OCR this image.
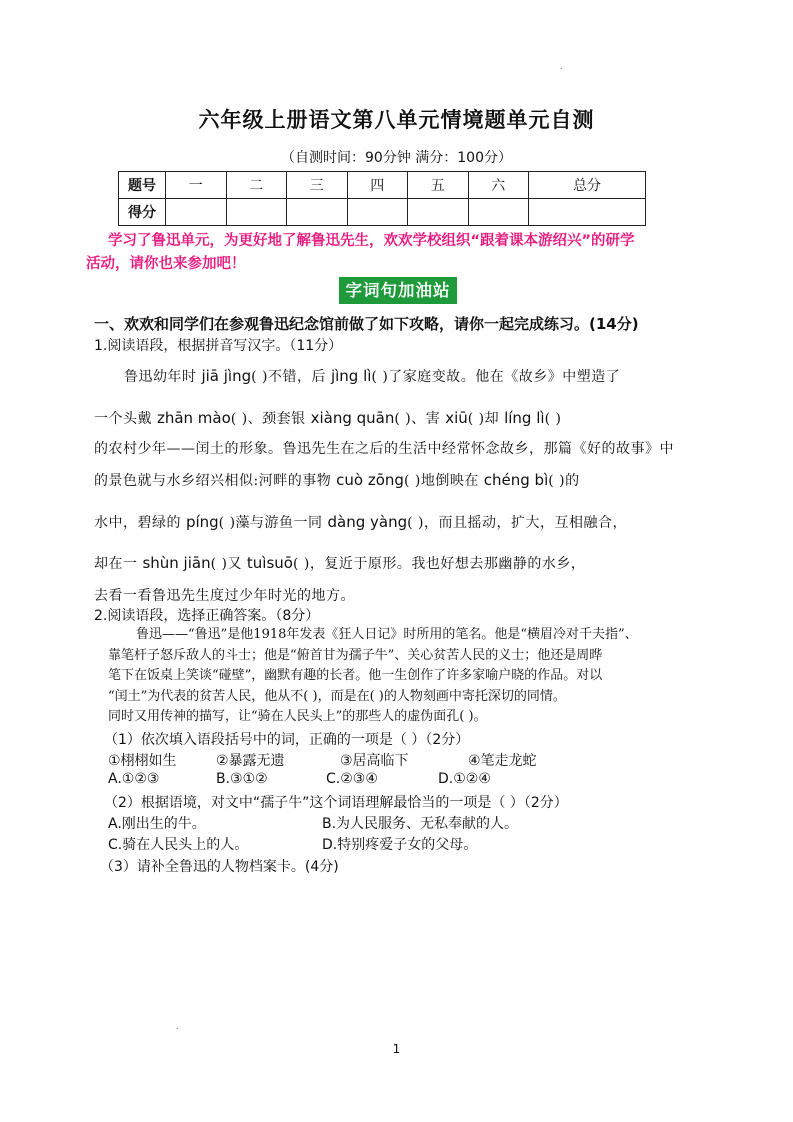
.
六年级上册语文第八单元情境题单元自测
（自测时间：90分钟 满分：100分）
题号	一	二	三	四	五	六	总分
得分							
学习了鲁迅单元，为更好地了解鲁迅先生，欢欢学校组织“跟着课本游绍兴”的研学
活动，请你也来参加吧！
字词句加油站
一、欢欢和同学们在参观鲁迅纪念馆前做了如下攻略，请你一起完成练习。(14分)
1.阅读语段，根据拼音写汉字。（11分）
鲁迅幼年时 jiā jìng( )不错，后 jìng lì( )了家庭变故。他在《故乡》中塑造了
一个头戴 zhān mào( )、颈套银 xiàng quān( )、害 xiū( )却 líng lì( )
的农村少年——闰土的形象。鲁迅先生在之后的生活中经常怀念故乡，那篇《好的故事》中
的景色就与水乡绍兴相似:河畔的事物 cuò zōng( )地倒映在 chéng bì( )的
水中，碧绿的 píng( )藻与游鱼一同 dàng yàng( )，而且摇动，扩大，互相融合，
却在一 shùn jiān( )又 tuìsuō( )，复近于原形。我也好想去那幽静的水乡，
去看一看鲁迅先生度过少年时光的地方。
2.阅读语段，选择正确答案。（8分）
鲁迅——“鲁迅”是他1918年发表《狂人日记》时所用的笔名。他是“横眉冷对千夫指”、
靠笔杆子怒斥敌人的斗士；他是“俯首甘为孺子牛”、关心贫苦人民的义士；他还是周晔
笔下在饭桌上笑谈“碰壁”，幽默有趣的长者。他一生创作了许多家喻户晓的作品。对以
“闰土”为代表的贫苦人民，他从不( )，而是在( )的人物刻画中寄托深切的同情。
同时又用传神的描写，让“骑在人民头上”的那些人的虚伪面孔( )。
（1）依次填入语段括号中的词，正确的一项是（ ）（2分）
①栩栩如生	②暴露无遗	③居高临下	④笔走龙蛇
A.①②③	B.③①②	C.②③④	D.①②④
（2）根据语境，对文中“孺子牛”这个词语理解最恰当的一项是（ ）（2分）
A.刚出生的牛。	B.为人民服务、无私奉献的人。
C.骑在人民头上的人。	D.特别疼爱子女的父母。
（3）请补全鲁迅的人物档案卡。(4分)
.
1
